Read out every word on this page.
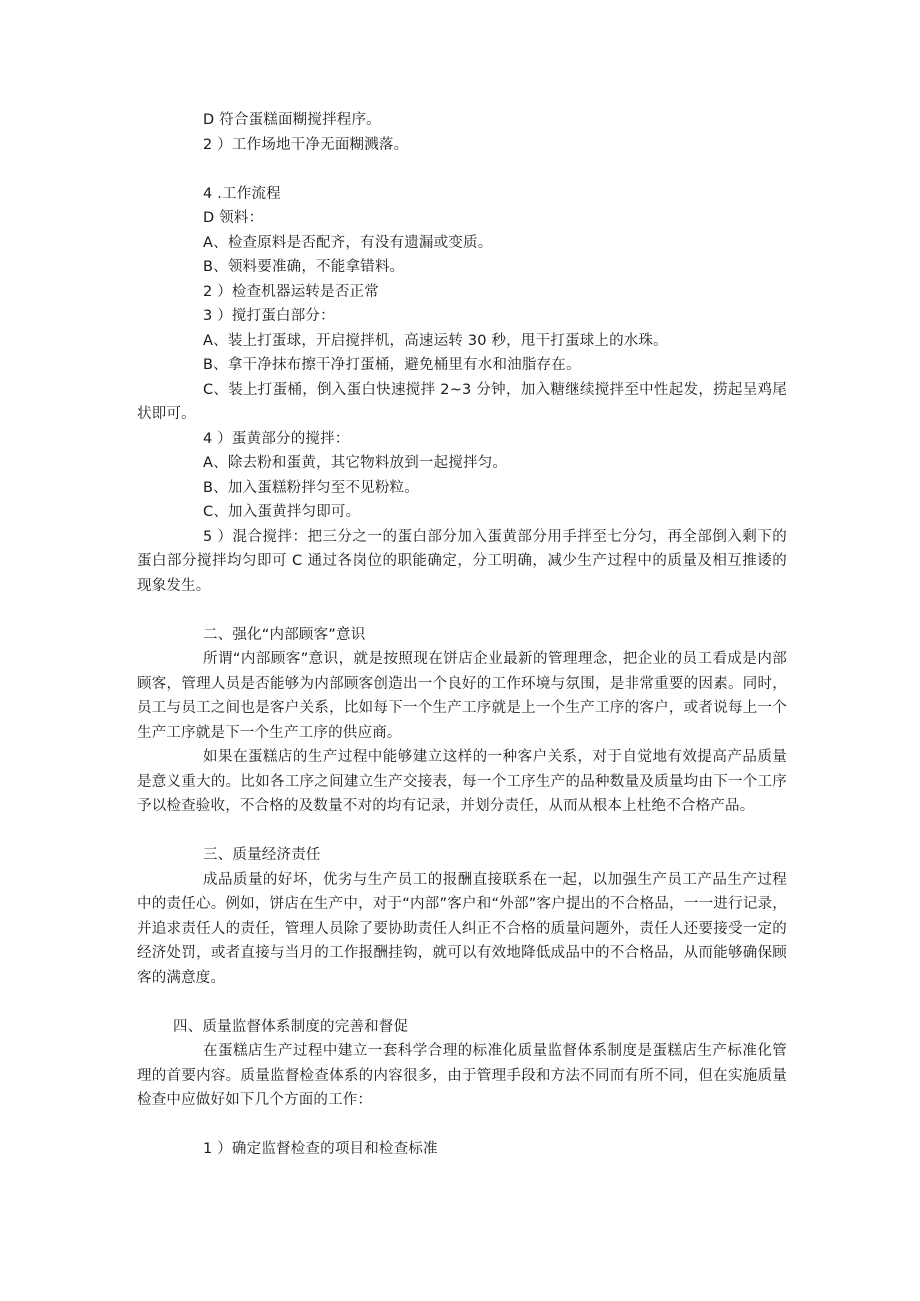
D 符合蛋糕面糊搅拌程序。

2 ）工作场地干净无面糊溅落。

4 .工作流程

D 领料：

A、检查原料是否配齐，有没有遗漏或变质。

B、领料要准确，不能拿错料。

2 ）检查机器运转是否正常

3 ）搅打蛋白部分：

A、装上打蛋球，开启搅拌机，高速运转 30 秒，甩干打蛋球上的水珠。

B、拿干净抹布擦干净打蛋桶，避免桶里有水和油脂存在。

C、装上打蛋桶，倒入蛋白快速搅拌 2~3 分钟，加入糖继续搅拌至中性起发，捞起呈鸡尾状即可。

4 ）蛋黄部分的搅拌：

A、除去粉和蛋黄，其它物料放到一起搅拌匀。

B、加入蛋糕粉拌匀至不见粉粒。

C、加入蛋黄拌匀即可。

5 ）混合搅拌：把三分之一的蛋白部分加入蛋黄部分用手拌至七分匀，再全部倒入剩下的蛋白部分搅拌均匀即可 C 通过各岗位的职能确定，分工明确，减少生产过程中的质量及相互推诿的现象发生。

二、强化“内部顾客”意识

所谓“内部顾客”意识，就是按照现在饼店企业最新的管理理念，把企业的员工看成是内部顾客，管理人员是否能够为内部顾客创造出一个良好的工作环境与氛围，是非常重要的因素。同时，员工与员工之间也是客户关系，比如每下一个生产工序就是上一个生产工序的客户，或者说每上一个生产工序就是下一个生产工序的供应商。

如果在蛋糕店的生产过程中能够建立这样的一种客户关系，对于自觉地有效提高产品质量是意义重大的。比如各工序之间建立生产交接表，每一个工序生产的品种数量及质量均由下一个工序予以检查验收，不合格的及数量不对的均有记录，并划分责任，从而从根本上杜绝不合格产品。

三、质量经济责任

成品质量的好坏，优劣与生产员工的报酬直接联系在一起，以加强生产员工产品生产过程中的责任心。例如，饼店在生产中，对于“内部”客户和“外部”客户提出的不合格品，一一进行记录，并追求责任人的责任，管理人员除了要协助责任人纠正不合格的质量问题外，责任人还要接受一定的经济处罚，或者直接与当月的工作报酬挂钩，就可以有效地降低成品中的不合格品，从而能够确保顾客的满意度。

四、质量监督体系制度的完善和督促

在蛋糕店生产过程中建立一套科学合理的标准化质量监督体系制度是蛋糕店生产标准化管理的首要内容。质量监督检查体系的内容很多，由于管理手段和方法不同而有所不同，但在实施质量检查中应做好如下几个方面的工作：

1 ）确定监督检查的项目和检查标准
